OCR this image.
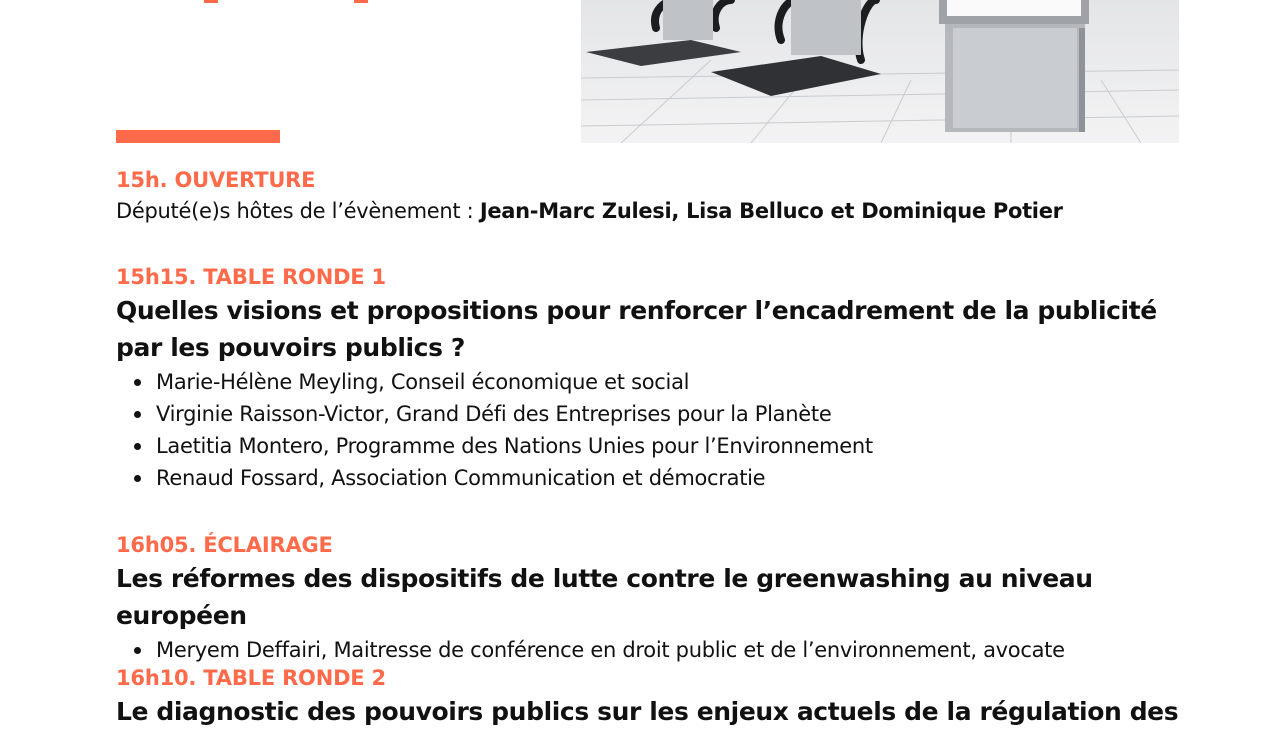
15h. OUVERTURE

Député(e)s hôtes de l’évènement : Jean-Marc Zulesi, Lisa Belluco et Dominique Potier

15h15. TABLE RONDE 1

Quelles visions et propositions pour renforcer l’encadrement de la publicité par les pouvoirs publics ?

Marie-Hélène Meyling, Conseil économique et social
Virginie Raisson-Victor, Grand Défi des Entreprises pour la Planète
Laetitia Montero, Programme des Nations Unies pour l’Environnement
Renaud Fossard, Association Communication et démocratie

16h05. ÉCLAIRAGE

Les réformes des dispositifs de lutte contre le greenwashing au niveau européen

Meryem Deffairi, Maitresse de conférence en droit public et de l’environnement, avocate

16h10. TABLE RONDE 2

Le diagnostic des pouvoirs publics sur les enjeux actuels de la régulation des
